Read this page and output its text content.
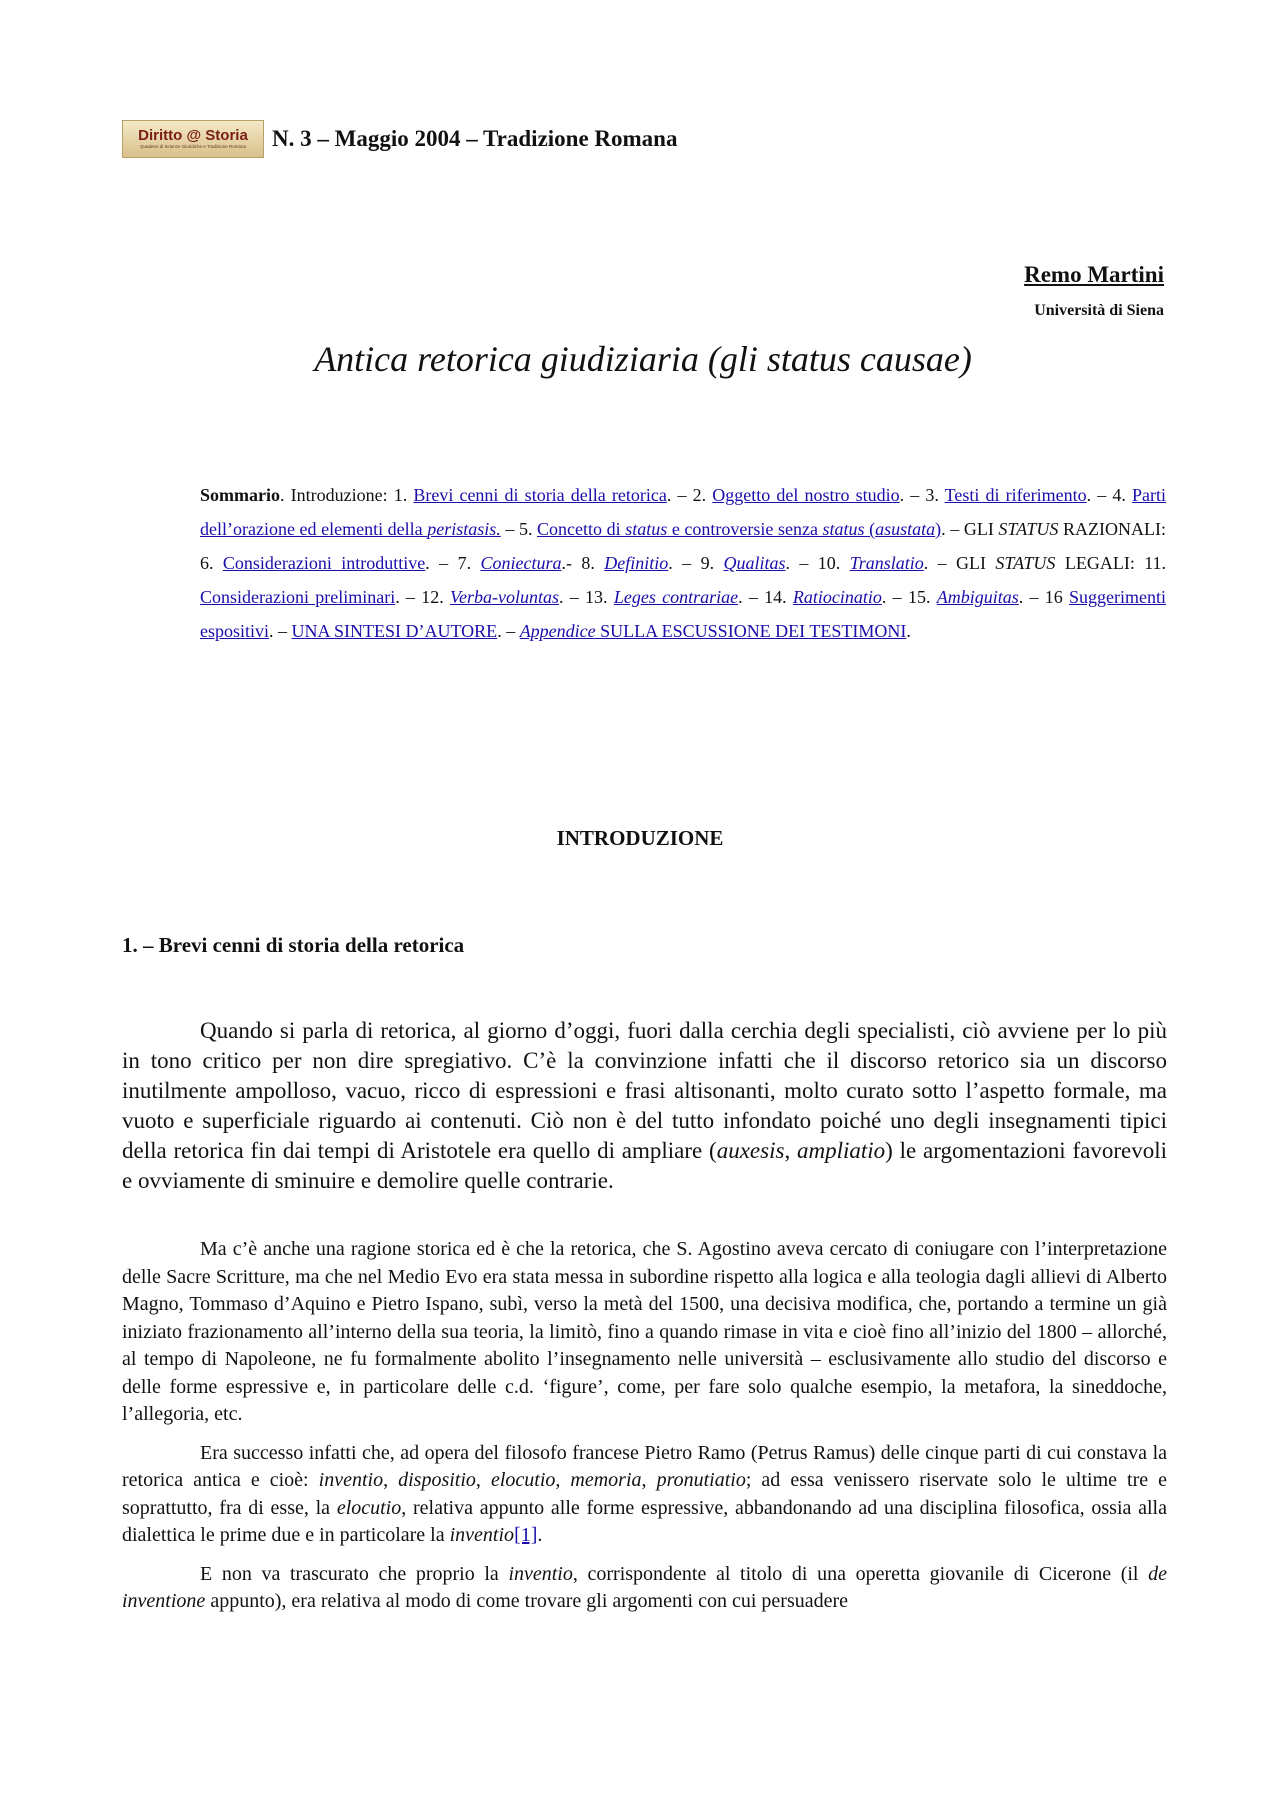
Diritto @ Storia
Quaderni di Scienze Giuridiche e Tradizione Romana N. 3 – Maggio 2004 – Tradizione Romana
Remo Martini
Università di Siena
Antica retorica giudiziaria (gli status causae)
Sommario. Introduzione: 1. Brevi cenni di storia della retorica. – 2. Oggetto del nostro studio. – 3. Testi di riferimento. – 4. Parti dell’orazione ed elementi della peristasis. – 5. Concetto di status e controversie senza status (asustata). – GLI STATUS RAZIONALI: 6. Considerazioni introduttive. – 7. Coniectura.- 8. Definitio. – 9. Qualitas. – 10. Translatio. – GLI STATUS LEGALI: 11. Considerazioni preliminari. – 12. Verba-voluntas. – 13. Leges contrariae. – 14. Ratiocinatio. – 15. Ambiguitas. – 16 Suggerimenti espositivi. – UNA SINTESI D’AUTORE. – Appendice SULLA ESCUSSIONE DEI TESTIMONI.
INTRODUZIONE
1. – Brevi cenni di storia della retorica

Quando si parla di retorica, al giorno d’oggi, fuori dalla cerchia degli specialisti, ciò avviene per lo più in tono critico per non dire spregiativo. C’è la convinzione infatti che il discorso retorico sia un discorso inutilmente ampolloso, vacuo, ricco di espressioni e frasi altisonanti, molto curato sotto l’aspetto formale, ma vuoto e superficiale riguardo ai contenuti. Ciò non è del tutto infondato poiché uno degli insegnamenti tipici della retorica fin dai tempi di Aristotele era quello di ampliare (auxesis, ampliatio) le argomentazioni favorevoli e ovviamente di sminuire e demolire quelle contrarie.

Ma c’è anche una ragione storica ed è che la retorica, che S. Agostino aveva cercato di coniugare con l’interpretazione delle Sacre Scritture, ma che nel Medio Evo era stata messa in subordine rispetto alla logica e alla teologia dagli allievi di Alberto Magno, Tommaso d’Aquino e Pietro Ispano, subì, verso la metà del 1500, una decisiva modifica, che, portando a termine un già iniziato frazionamento all’interno della sua teoria, la limitò, fino a quando rimase in vita e cioè fino all’inizio del 1800 – allorché, al tempo di Napoleone, ne fu formalmente abolito l’insegnamento nelle università – esclusivamente allo studio del discorso e delle forme espressive e, in particolare delle c.d. ‘figure’, come, per fare solo qualche esempio, la metafora, la sineddoche, l’allegoria, etc.

Era successo infatti che, ad opera del filosofo francese Pietro Ramo (Petrus Ramus) delle cinque parti di cui constava la retorica antica e cioè: inventio, dispositio, elocutio, memoria, pronutiatio; ad essa venissero riservate solo le ultime tre e soprattutto, fra di esse, la elocutio, relativa appunto alle forme espressive, abbandonando ad una disciplina filosofica, ossia alla dialettica le prime due e in particolare la inventio[1].

E non va trascurato che proprio la inventio, corrispondente al titolo di una operetta giovanile di Cicerone (il de inventione appunto), era relativa al modo di come trovare gli argomenti con cui persuadere
